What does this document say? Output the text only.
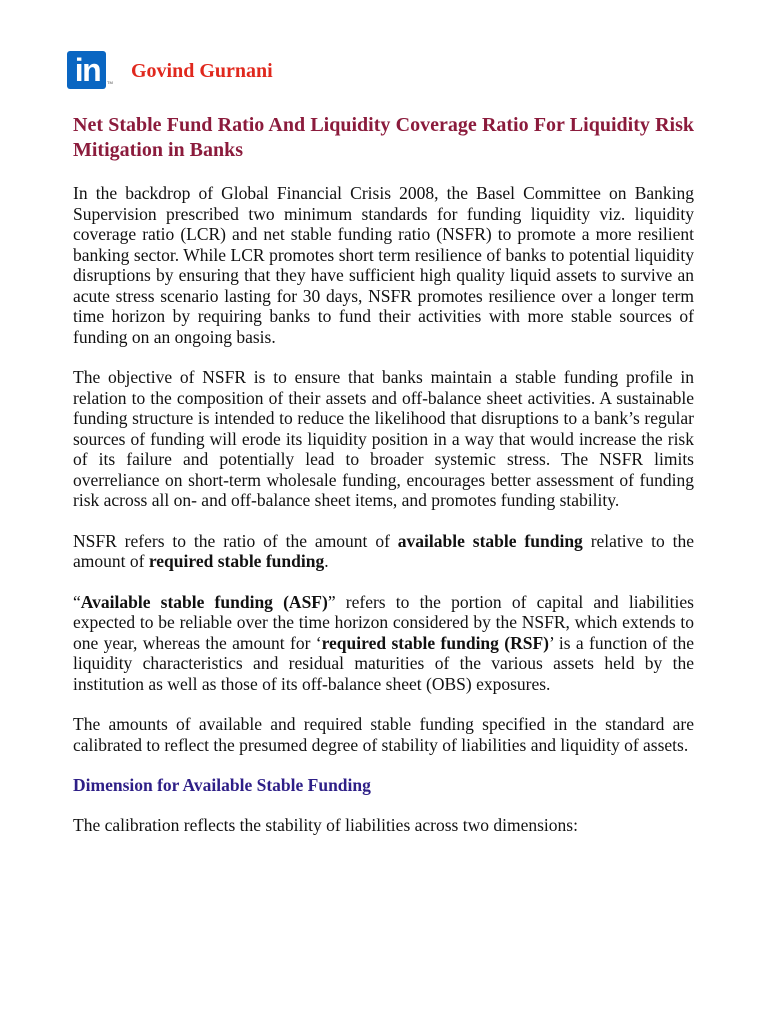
in	TM
Govind Gurnani
Net Stable Fund Ratio And Liquidity Coverage Ratio For Liquidity Risk Mitigation in Banks

In the backdrop of Global Financial Crisis 2008, the Basel Committee on Banking Supervision prescribed two minimum standards for funding liquidity viz. liquidity coverage ratio (LCR) and net stable funding ratio (NSFR) to promote a more resilient banking sector. While LCR promotes short term resilience of banks to potential liquidity disruptions by ensuring that they have sufficient high quality liquid assets to survive an acute stress scenario lasting for 30 days, NSFR promotes resilience over a longer term time horizon by requiring banks to fund their activities with more stable sources of funding on an ongoing basis.

The objective of NSFR is to ensure that banks maintain a stable funding profile in relation to the composition of their assets and off-balance sheet activities. A sustainable funding structure is intended to reduce the likelihood that disruptions to a bank’s regular sources of funding will erode its liquidity position in a way that would increase the risk of its failure and potentially lead to broader systemic stress. The NSFR limits overreliance on short-term wholesale funding, encourages better assessment of funding risk across all on- and off-balance sheet items, and promotes funding stability.

NSFR refers to the ratio of the amount of available stable funding relative to the amount of required stable funding.

“Available stable funding (ASF)” refers to the portion of capital and liabilities expected to be reliable over the time horizon considered by the NSFR, which extends to one year, whereas the amount for ‘required stable funding (RSF)’ is a function of the liquidity characteristics and residual maturities of the various assets held by the institution as well as those of its off-balance sheet (OBS) exposures.

The amounts of available and required stable funding specified in the standard are calibrated to reflect the presumed degree of stability of liabilities and liquidity of assets.

Dimension for Available Stable Funding

The calibration reflects the stability of liabilities across two dimensions:
